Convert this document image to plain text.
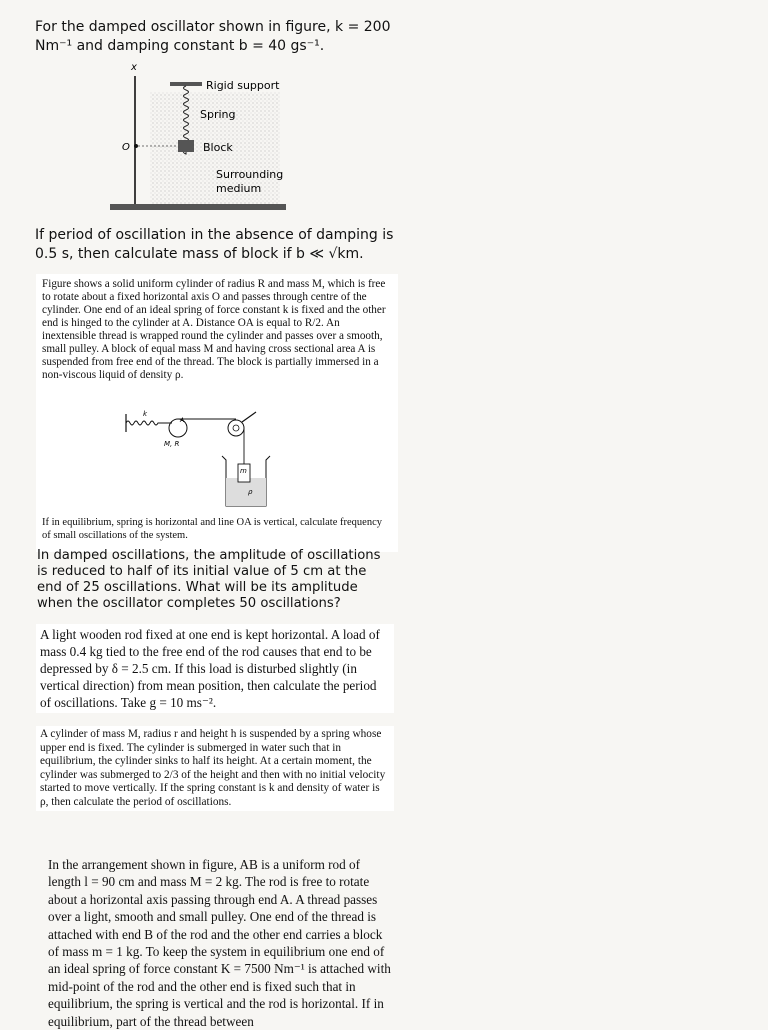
For the damped oscillator shown in figure, k = 200 Nm⁻¹ and damping constant b = 40 gs⁻¹.
x
O
Rigid support
Spring
Block
Surrounding
medium
If period of oscillation in the absence of damping is 0.5 s, then calculate mass of block if b ≪ √km.

Figure shows a solid uniform cylinder of radius R and mass M, which is free to rotate about a fixed horizontal axis O and passes through centre of the cylinder. One end of an ideal spring of force constant k is fixed and the other end is hinged to the cylinder at A. Distance OA is equal to R/2. An inextensible thread is wrapped round the cylinder and passes over a smooth, small pulley. A block of equal mass M and having cross sectional area A is suspended from free end of the thread. The block is partially immersed in a non-viscous liquid of density ρ.

k
A
M, R
m
ρ
If in equilibrium, spring is horizontal and line OA is vertical, calculate frequency of small oscillations of the system.
In damped oscillations, the amplitude of oscillations is reduced to half of its initial value of 5 cm at the end of 25 oscillations. What will be its amplitude when the oscillator completes 50 oscillations?
A light wooden rod fixed at one end is kept horizontal. A load of mass 0.4 kg tied to the free end of the rod causes that end to be depressed by δ = 2.5 cm. If this load is disturbed slightly (in vertical direction) from mean position, then calculate the period of oscillations. Take g = 10 ms⁻².
A cylinder of mass M, radius r and height h is suspended by a spring whose upper end is fixed. The cylinder is submerged in water such that in equilibrium, the cylinder sinks to half its height. At a certain moment, the cylinder was submerged to 2/3 of the height and then with no initial velocity started to move vertically. If the spring constant is k and density of water is ρ, then calculate the period of oscillations.
In the arrangement shown in figure, AB is a uniform rod of length l = 90 cm and mass M = 2 kg. The rod is free to rotate about a horizontal axis passing through end A. A thread passes over a light, smooth and small pulley. One end of the thread is attached with end B of the rod and the other end carries a block of mass m = 1 kg. To keep the system in equilibrium one end of an ideal spring of force constant K = 7500 Nm⁻¹ is attached with mid-point of the rod and the other end is fixed such that in equilibrium, the spring is vertical and the rod is horizontal. If in equilibrium, part of the thread between
